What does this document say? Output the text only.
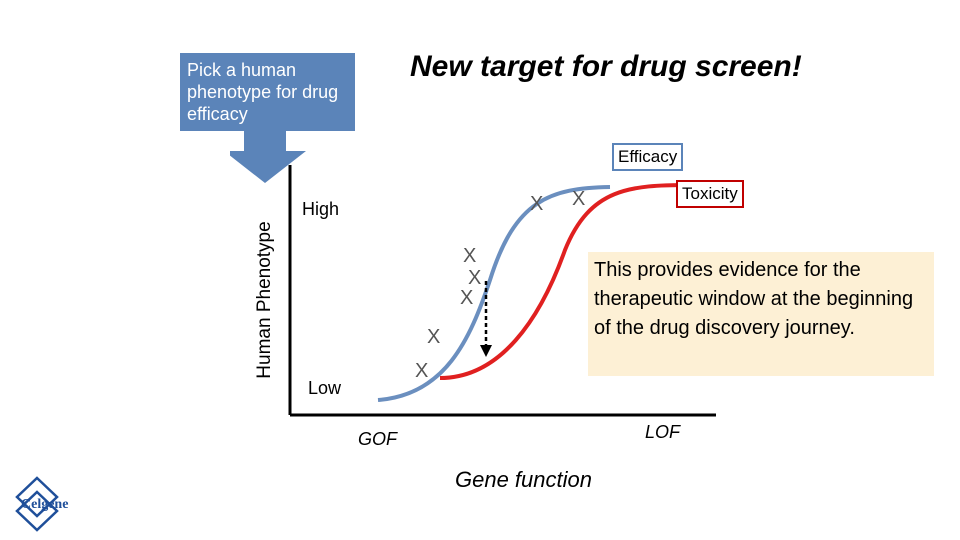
X X
X
X
X
X
X
Pick a human phenotype for drug efficacy
New target for drug screen!
Human Phenotype
High
Low
GOF	LOF
Gene function
Efficacy
Toxicity
This provides evidence for the therapeutic window at the beginning of the drug discovery journey.
Celgene
